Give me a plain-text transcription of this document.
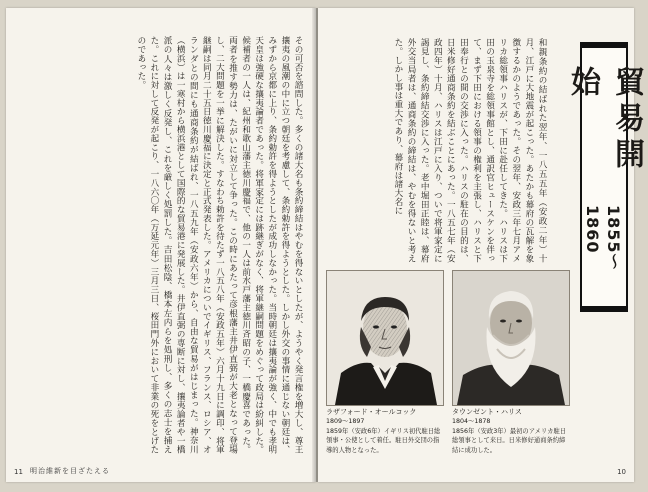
その可否を諮問した。多くの諸大名も条約締結はやむを得ないとしたが、ようやく発言権を増大し、尊王攘夷の風潮の中に立つ朝廷を考慮して、条約勅許を得ようとした。しかし外交の事情に通じない朝廷は、みずから京都に上り、条約勅許を得ようとしたが成功しなかった。当時朝廷は攘夷論が強く、中でも孝明天皇は強硬な攘夷論者であった。将軍家定には跡継ぎがなく、将軍継嗣問題をめぐって政局は紛糾した。候補者の一人は、紀州和歌山藩主徳川慶福で、他の一人は前水戸藩主徳川斉昭の子、一橋慶喜であった。両者を推す勢力は、たがいに対立して争った。この時にあたって彦根藩主井伊直弼が大老となって登場し、二大問題を一挙に解決した。すなわち勅許を待たず一八五八年（安政五年）六月十九日に調印、将軍継嗣は同月二十五日徳川慶福に決定と正式発表した。アメリカについでイギリス、フランス、ロシア、オランダとの間にも通商条約が結ばれ、一八五九年（安政六年）から、自由な貿易がはじまった。神奈川（横浜）は一寒村から横浜港として国際的な貿易港に発展した。井伊直弼の専断に対し、攘夷論者や一橋派の人々は激しく反発し、これを厳しく処罰した。吉田松陰、橋本左内らを処刑し、多くの志士を捕えた。これに対して反発が起こり、一八六〇年（万延元年）三月三日、桜田門外において非業の死をとげたのであった。
11 明治維新を目ざたえる
和親条約の結ばれた翌年、一八五五年（安政二年）十月、江戸に大地震が起こった。あたかも幕府の瓦解を象徴するかのようであった。その翌年、安政三年七月アメリカ総領事ハリスが、下田に赴任してきた。ハリスは下田の玉泉寺を総領事館とし、通訳官ヒュースケンを伴って、まず下田における領事の権利を主張し、ハリスと下田奉行との間の交渉に入った。ハリスの駐在の目的は、日米修好通商条約を結ぶことにあった。一八五七年（安政四年）十月、ハリスは江戸に入り、ついで将軍家定に謁見し、条約締結交渉に入った。老中堀田正睦は、幕府外交当局者は、通商条約の締結は、やむを得ないと考えた。しかし事は重大であり、幕府は諸大名に	貿易開始
1855〜1860
ラザフォード・オールコック
1809〜1897
1859年（安政6年）イギリス初代駐日総領事・公使として着任。駐日外交団の指導的人物となった。
タウンゼント・ハリス
1804〜1878
1856年（安政3年）最初のアメリカ駐日総領事として来日。日米修好通商条約締結に成功した。
10
